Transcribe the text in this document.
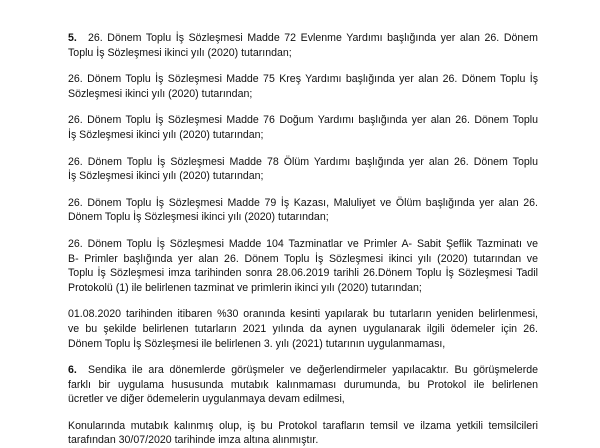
5. 26. Dönem Toplu İş Sözleşmesi Madde 72 Evlenme Yardımı başlığında yer alan 26. Dönem
Toplu İş Sözleşmesi ikinci yılı (2020) tutarından;

26. Dönem Toplu İş Sözleşmesi Madde 75 Kreş Yardımı başlığında yer alan 26. Dönem Toplu İş
Sözleşmesi ikinci yılı (2020) tutarından;

26. Dönem Toplu İş Sözleşmesi Madde 76 Doğum Yardımı başlığında yer alan 26. Dönem Toplu
İş Sözleşmesi ikinci yılı (2020) tutarından;

26. Dönem Toplu İş Sözleşmesi Madde 78 Ölüm Yardımı başlığında yer alan 26. Dönem Toplu
İş Sözleşmesi ikinci yılı (2020) tutarından;

26. Dönem Toplu İş Sözleşmesi Madde 79 İş Kazası, Maluliyet ve Ölüm başlığında yer alan 26.
Dönem Toplu İş Sözleşmesi ikinci yılı (2020) tutarından;

26. Dönem Toplu İş Sözleşmesi Madde 104 Tazminatlar ve Primler A- Sabit Şeflik Tazminatı ve
B- Primler başlığında yer alan 26. Dönem Toplu İş Sözleşmesi ikinci yılı (2020) tutarından ve
Toplu İş Sözleşmesi imza tarihinden sonra 28.06.2019 tarihli 26.Dönem Toplu İş Sözleşmesi Tadil
Protokolü (1) ile belirlenen tazminat ve primlerin ikinci yılı (2020) tutarından;

01.08.2020 tarihinden itibaren %30 oranında kesinti yapılarak bu tutarların yeniden belirlenmesi,
ve bu şekilde belirlenen tutarların 2021 yılında da aynen uygulanarak ilgili ödemeler için 26.
Dönem Toplu İş Sözleşmesi ile belirlenen 3. yılı (2021) tutarının uygulanmaması,

6. Sendika ile ara dönemlerde görüşmeler ve değerlendirmeler yapılacaktır. Bu görüşmelerde
farklı bir uygulama hususunda mutabık kalınmaması durumunda, bu Protokol ile belirlenen
ücretler ve diğer ödemelerin uygulanmaya devam edilmesi,

Konularında mutabık kalınmış olup, iş bu Protokol tarafların temsil ve ilzama yetkili temsilcileri
tarafından 30/07/2020 tarihinde imza altına alınmıştır.
